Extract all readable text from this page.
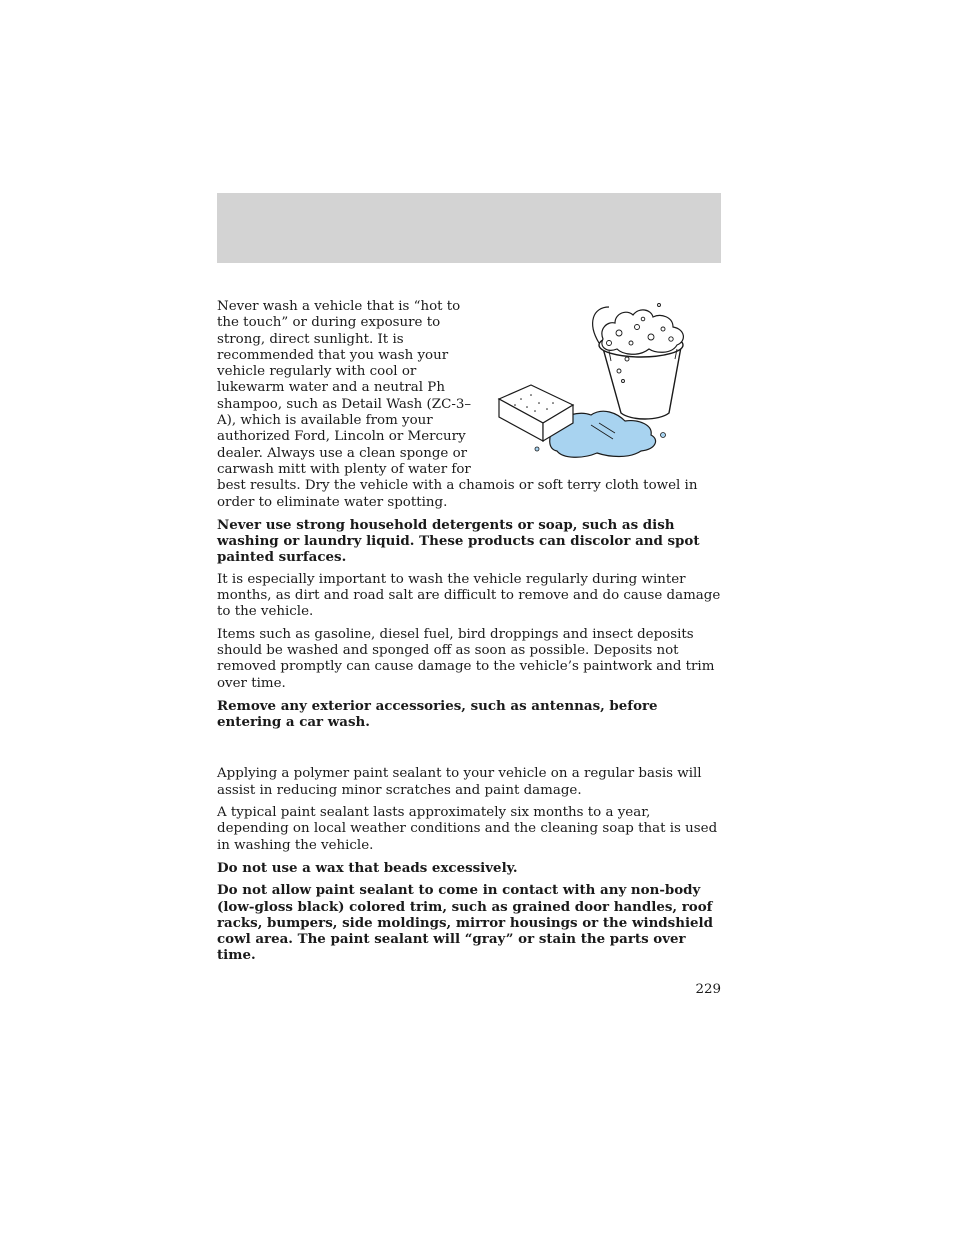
Never wash a vehicle that is “hot to the touch” or during exposure to strong, direct sunlight. It is recommended that you wash your vehicle regularly with cool or lukewarm water and a neutral Ph shampoo, such as Detail Wash (ZC-3–A), which is available from your authorized Ford, Lincoln or Mercury dealer. Always use a clean sponge or carwash mitt with plenty of water for best results. Dry the vehicle with a chamois or soft terry cloth towel in order to eliminate water spotting.

Never use strong household detergents or soap, such as dish washing or laundry liquid. These products can discolor and spot painted surfaces.

It is especially important to wash the vehicle regularly during winter months, as dirt and road salt are difficult to remove and do cause damage to the vehicle.

Items such as gasoline, diesel fuel, bird droppings and insect deposits should be washed and sponged off as soon as possible. Deposits not removed promptly can cause damage to the vehicle’s paintwork and trim over time.

Remove any exterior accessories, such as antennas, before entering a car wash.

Applying a polymer paint sealant to your vehicle on a regular basis will assist in reducing minor scratches and paint damage.

A typical paint sealant lasts approximately six months to a year, depending on local weather conditions and the cleaning soap that is used in washing the vehicle.

Do not use a wax that beads excessively.

Do not allow paint sealant to come in contact with any non-body (low-gloss black) colored trim, such as grained door handles, roof racks, bumpers, side moldings, mirror housings or the windshield cowl area. The paint sealant will “gray” or stain the parts over time.

229
